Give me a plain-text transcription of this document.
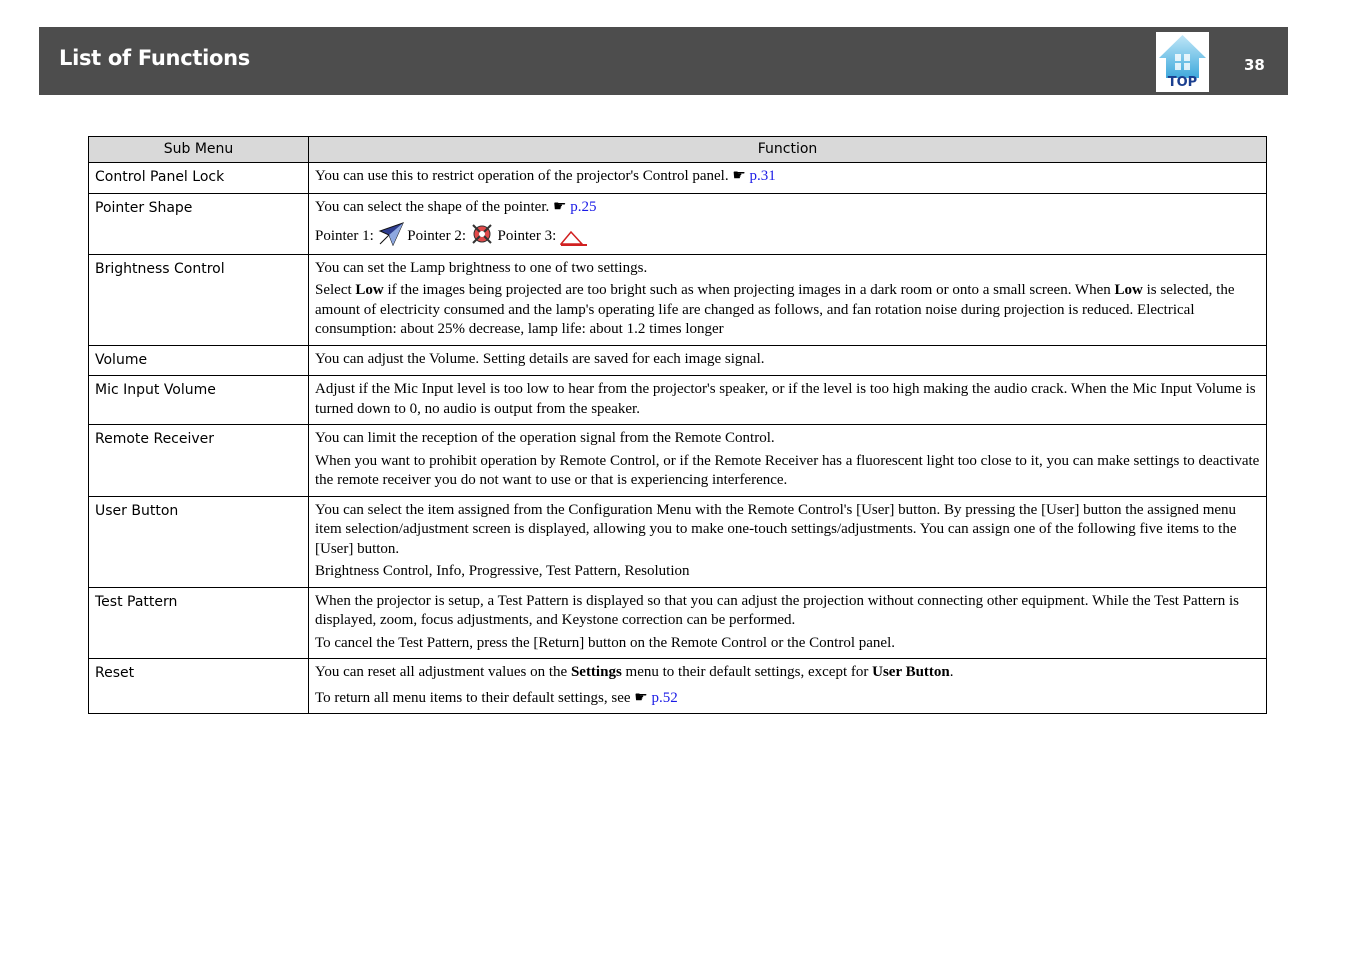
List of Functions
TOP
38
Sub Menu	Function
Control Panel Lock	You can use this to restrict operation of the projector's Control panel. ☛ p.31

Pointer Shape	You can select the shape of the pointer. ☛ p.25

Pointer 1: Pointer 2: Pointer 3:

Brightness Control	You can set the Lamp brightness to one of two settings.

Select Low if the images being projected are too bright such as when projecting images in a dark room or onto a small screen. When Low is selected, the amount of electricity consumed and the lamp's operating life are changed as follows, and fan rotation noise during projection is reduced. Electrical consumption: about 25% decrease, lamp life: about 1.2 times longer

Volume	You can adjust the Volume. Setting details are saved for each image signal.

Mic Input Volume	Adjust if the Mic Input level is too low to hear from the projector's speaker, or if the level is too high making the audio crack. When the Mic Input Volume is turned down to 0, no audio is output from the speaker.

Remote Receiver	You can limit the reception of the operation signal from the Remote Control.

When you want to prohibit operation by Remote Control, or if the Remote Receiver has a fluorescent light too close to it, you can make settings to deactivate the remote receiver you do not want to use or that is experiencing interference.

User Button	You can select the item assigned from the Configuration Menu with the Remote Control's [User] button. By pressing the [User] button the assigned menu item selection/adjustment screen is displayed, allowing you to make one-touch settings/adjustments. You can assign one of the following five items to the [User] button.

Brightness Control, Info, Progressive, Test Pattern, Resolution

Test Pattern	When the projector is setup, a Test Pattern is displayed so that you can adjust the projection without connecting other equipment. While the Test Pattern is displayed, zoom, focus adjustments, and Keystone correction can be performed.

To cancel the Test Pattern, press the [Return] button on the Remote Control or the Control panel.

Reset	You can reset all adjustment values on the Settings menu to their default settings, except for User Button.

To return all menu items to their default settings, see ☛ p.52
